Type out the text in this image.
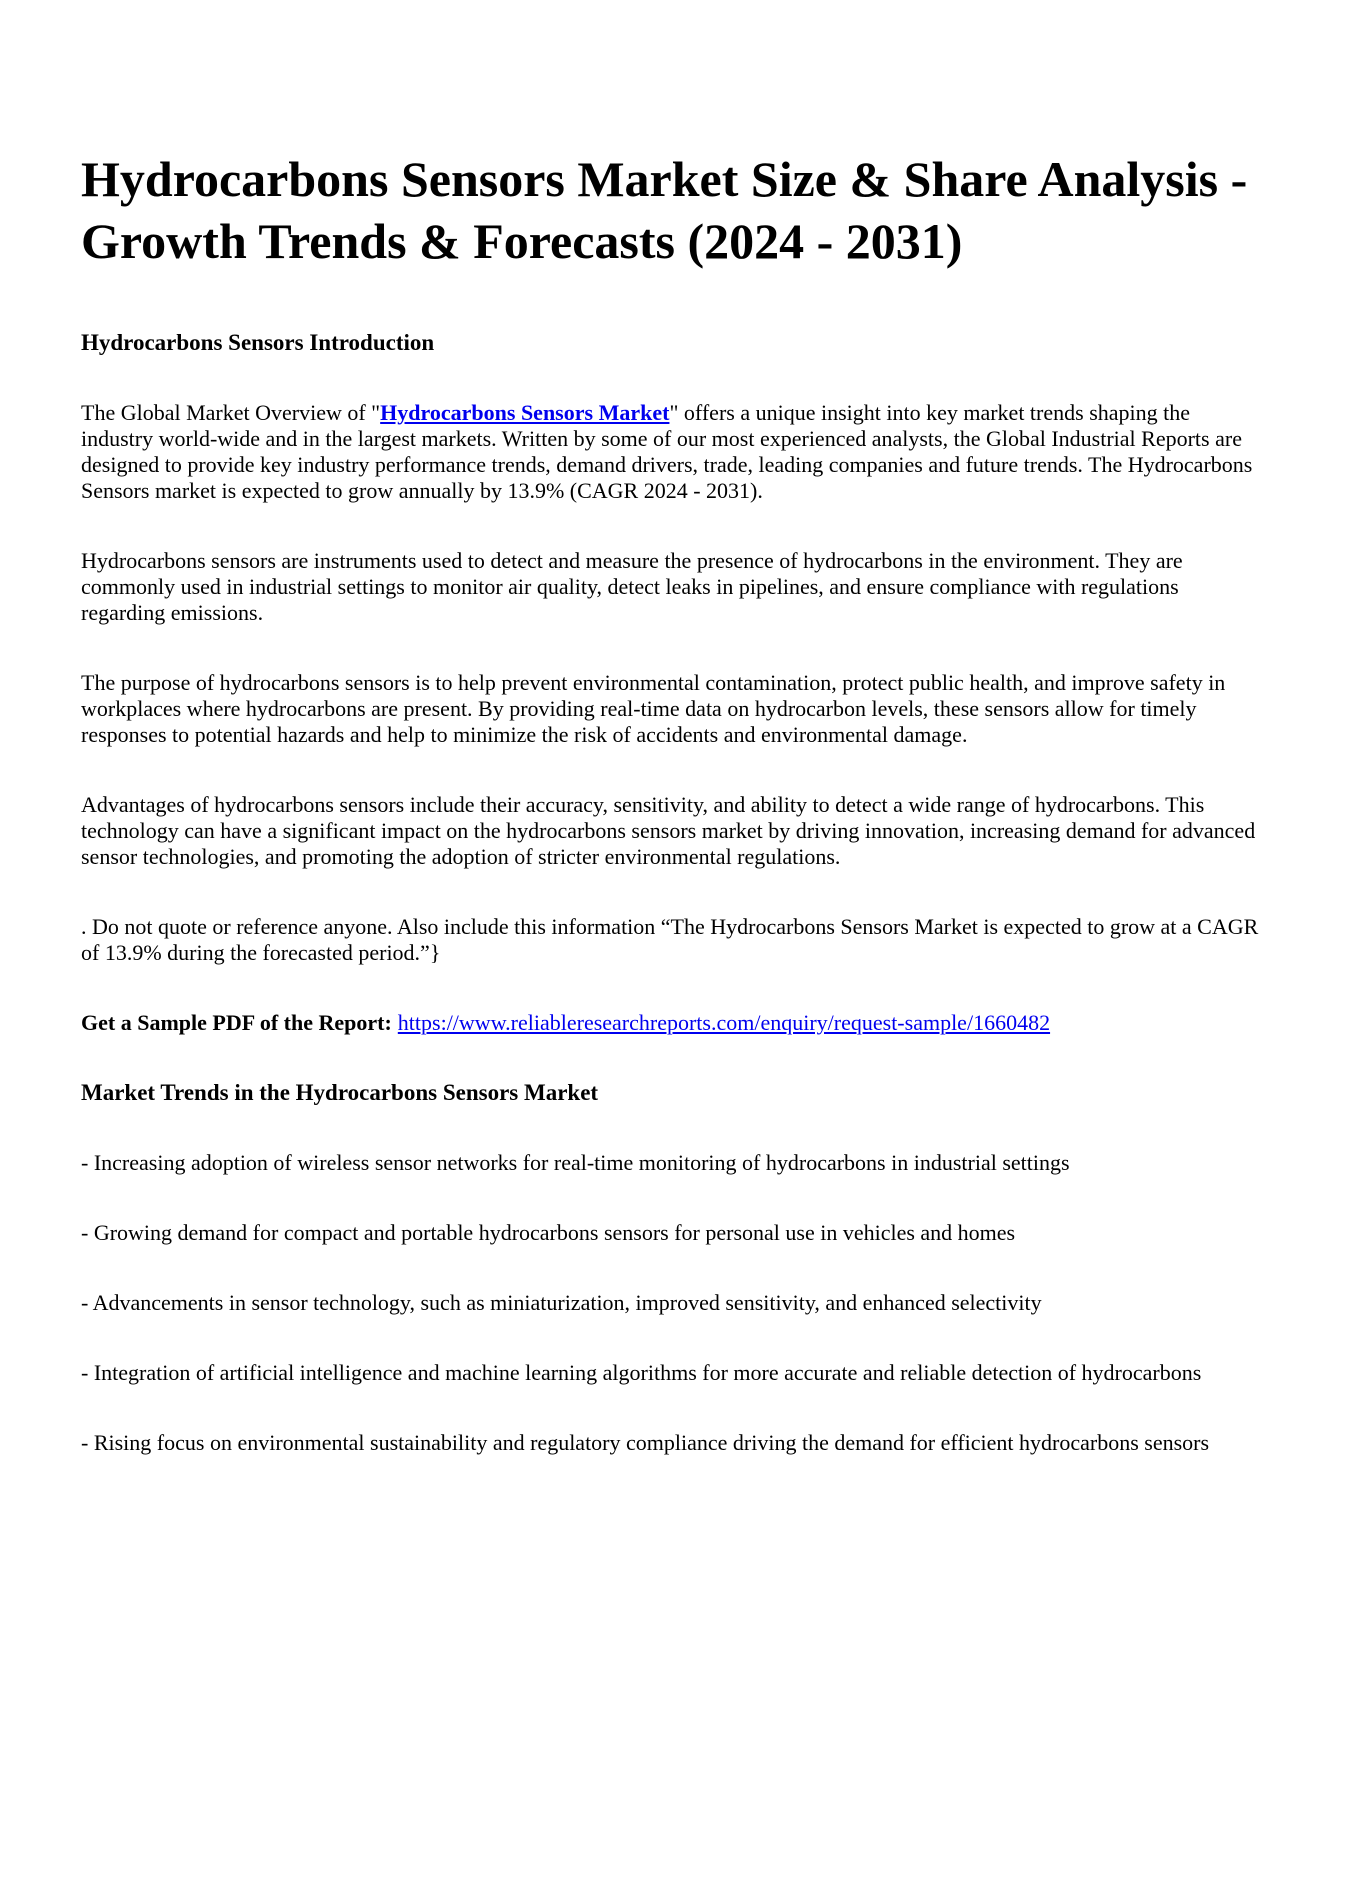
Hydrocarbons Sensors Market Size & Share Analysis - Growth Trends & Forecasts (2024 - 2031)

Hydrocarbons Sensors Introduction

The Global Market Overview of "Hydrocarbons Sensors Market" offers a unique insight into key market trends shaping the industry world-wide and in the largest markets. Written by some of our most experienced analysts, the Global Industrial Reports are designed to provide key industry performance trends, demand drivers, trade, leading companies and future trends. The Hydrocarbons Sensors market is expected to grow annually by 13.9% (CAGR 2024 - 2031).

Hydrocarbons sensors are instruments used to detect and measure the presence of hydrocarbons in the environment. They are commonly used in industrial settings to monitor air quality, detect leaks in pipelines, and ensure compliance with regulations regarding emissions.

The purpose of hydrocarbons sensors is to help prevent environmental contamination, protect public health, and improve safety in workplaces where hydrocarbons are present. By providing real-time data on hydrocarbon levels, these sensors allow for timely responses to potential hazards and help to minimize the risk of accidents and environmental damage.

Advantages of hydrocarbons sensors include their accuracy, sensitivity, and ability to detect a wide range of hydrocarbons. This technology can have a significant impact on the hydrocarbons sensors market by driving innovation, increasing demand for advanced sensor technologies, and promoting the adoption of stricter environmental regulations.

. Do not quote or reference anyone. Also include this information “The Hydrocarbons Sensors Market is expected to grow at a CAGR of 13.9% during the forecasted period.”}

Get a Sample PDF of the Report: https://www.reliableresearchreports.com/enquiry/request-sample/1660482

Market Trends in the Hydrocarbons Sensors Market

- Increasing adoption of wireless sensor networks for real-time monitoring of hydrocarbons in industrial settings

- Growing demand for compact and portable hydrocarbons sensors for personal use in vehicles and homes

- Advancements in sensor technology, such as miniaturization, improved sensitivity, and enhanced selectivity

- Integration of artificial intelligence and machine learning algorithms for more accurate and reliable detection of hydrocarbons

- Rising focus on environmental sustainability and regulatory compliance driving the demand for efficient hydrocarbons sensors
